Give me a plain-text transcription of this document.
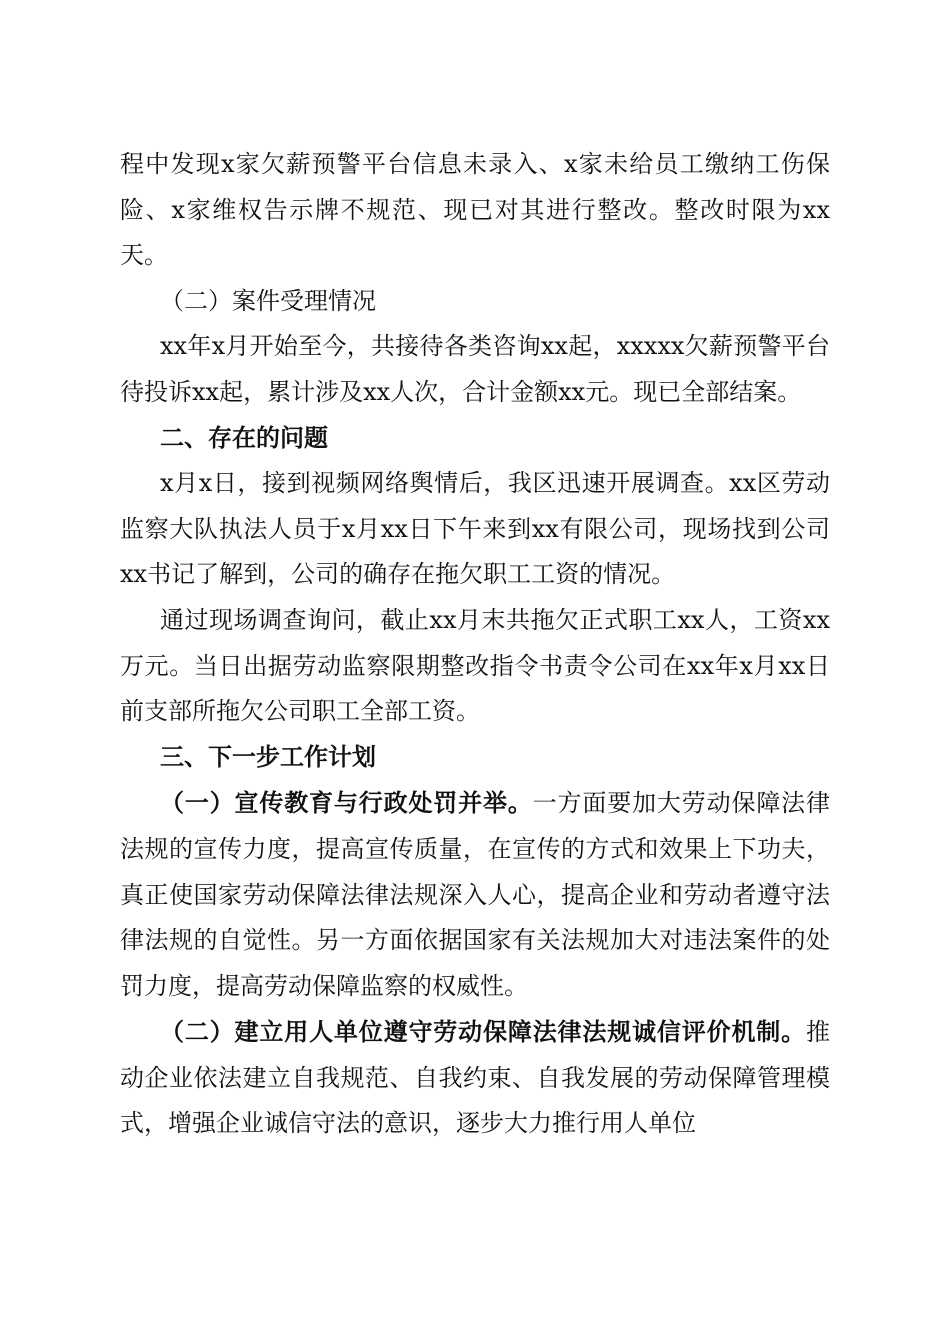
程中发现x家欠薪预警平台信息未录入、x家未给员工缴纳工伤保险、x家维权告示牌不规范、现已对其进行整改。整改时限为xx天。

（二）案件受理情况

xx年x月开始至今，共接待各类咨询xx起，xxxxx欠薪预警平台待投诉xx起，累计涉及xx人次，合计金额xx元。现已全部结案。

二、存在的问题

x月x日，接到视频网络舆情后，我区迅速开展调查。xx区劳动监察大队执法人员于x月xx日下午来到xx有限公司，现场找到公司xx书记了解到，公司的确存在拖欠职工工资的情况。

通过现场调查询问，截止xx月末共拖欠正式职工xx人，工资xx万元。当日出据劳动监察限期整改指令书责令公司在xx年x月xx日前支部所拖欠公司职工全部工资。

三、下一步工作计划

（一）宣传教育与行政处罚并举。一方面要加大劳动保障法律法规的宣传力度，提高宣传质量，在宣传的方式和效果上下功夫，真正使国家劳动保障法律法规深入人心，提高企业和劳动者遵守法律法规的自觉性。另一方面依据国家有关法规加大对违法案件的处罚力度，提高劳动保障监察的权威性。

（二）建立用人单位遵守劳动保障法律法规诚信评价机制。推动企业依法建立自我规范、自我约束、自我发展的劳动保障管理模式，增强企业诚信守法的意识，逐步大力推行用人单位
